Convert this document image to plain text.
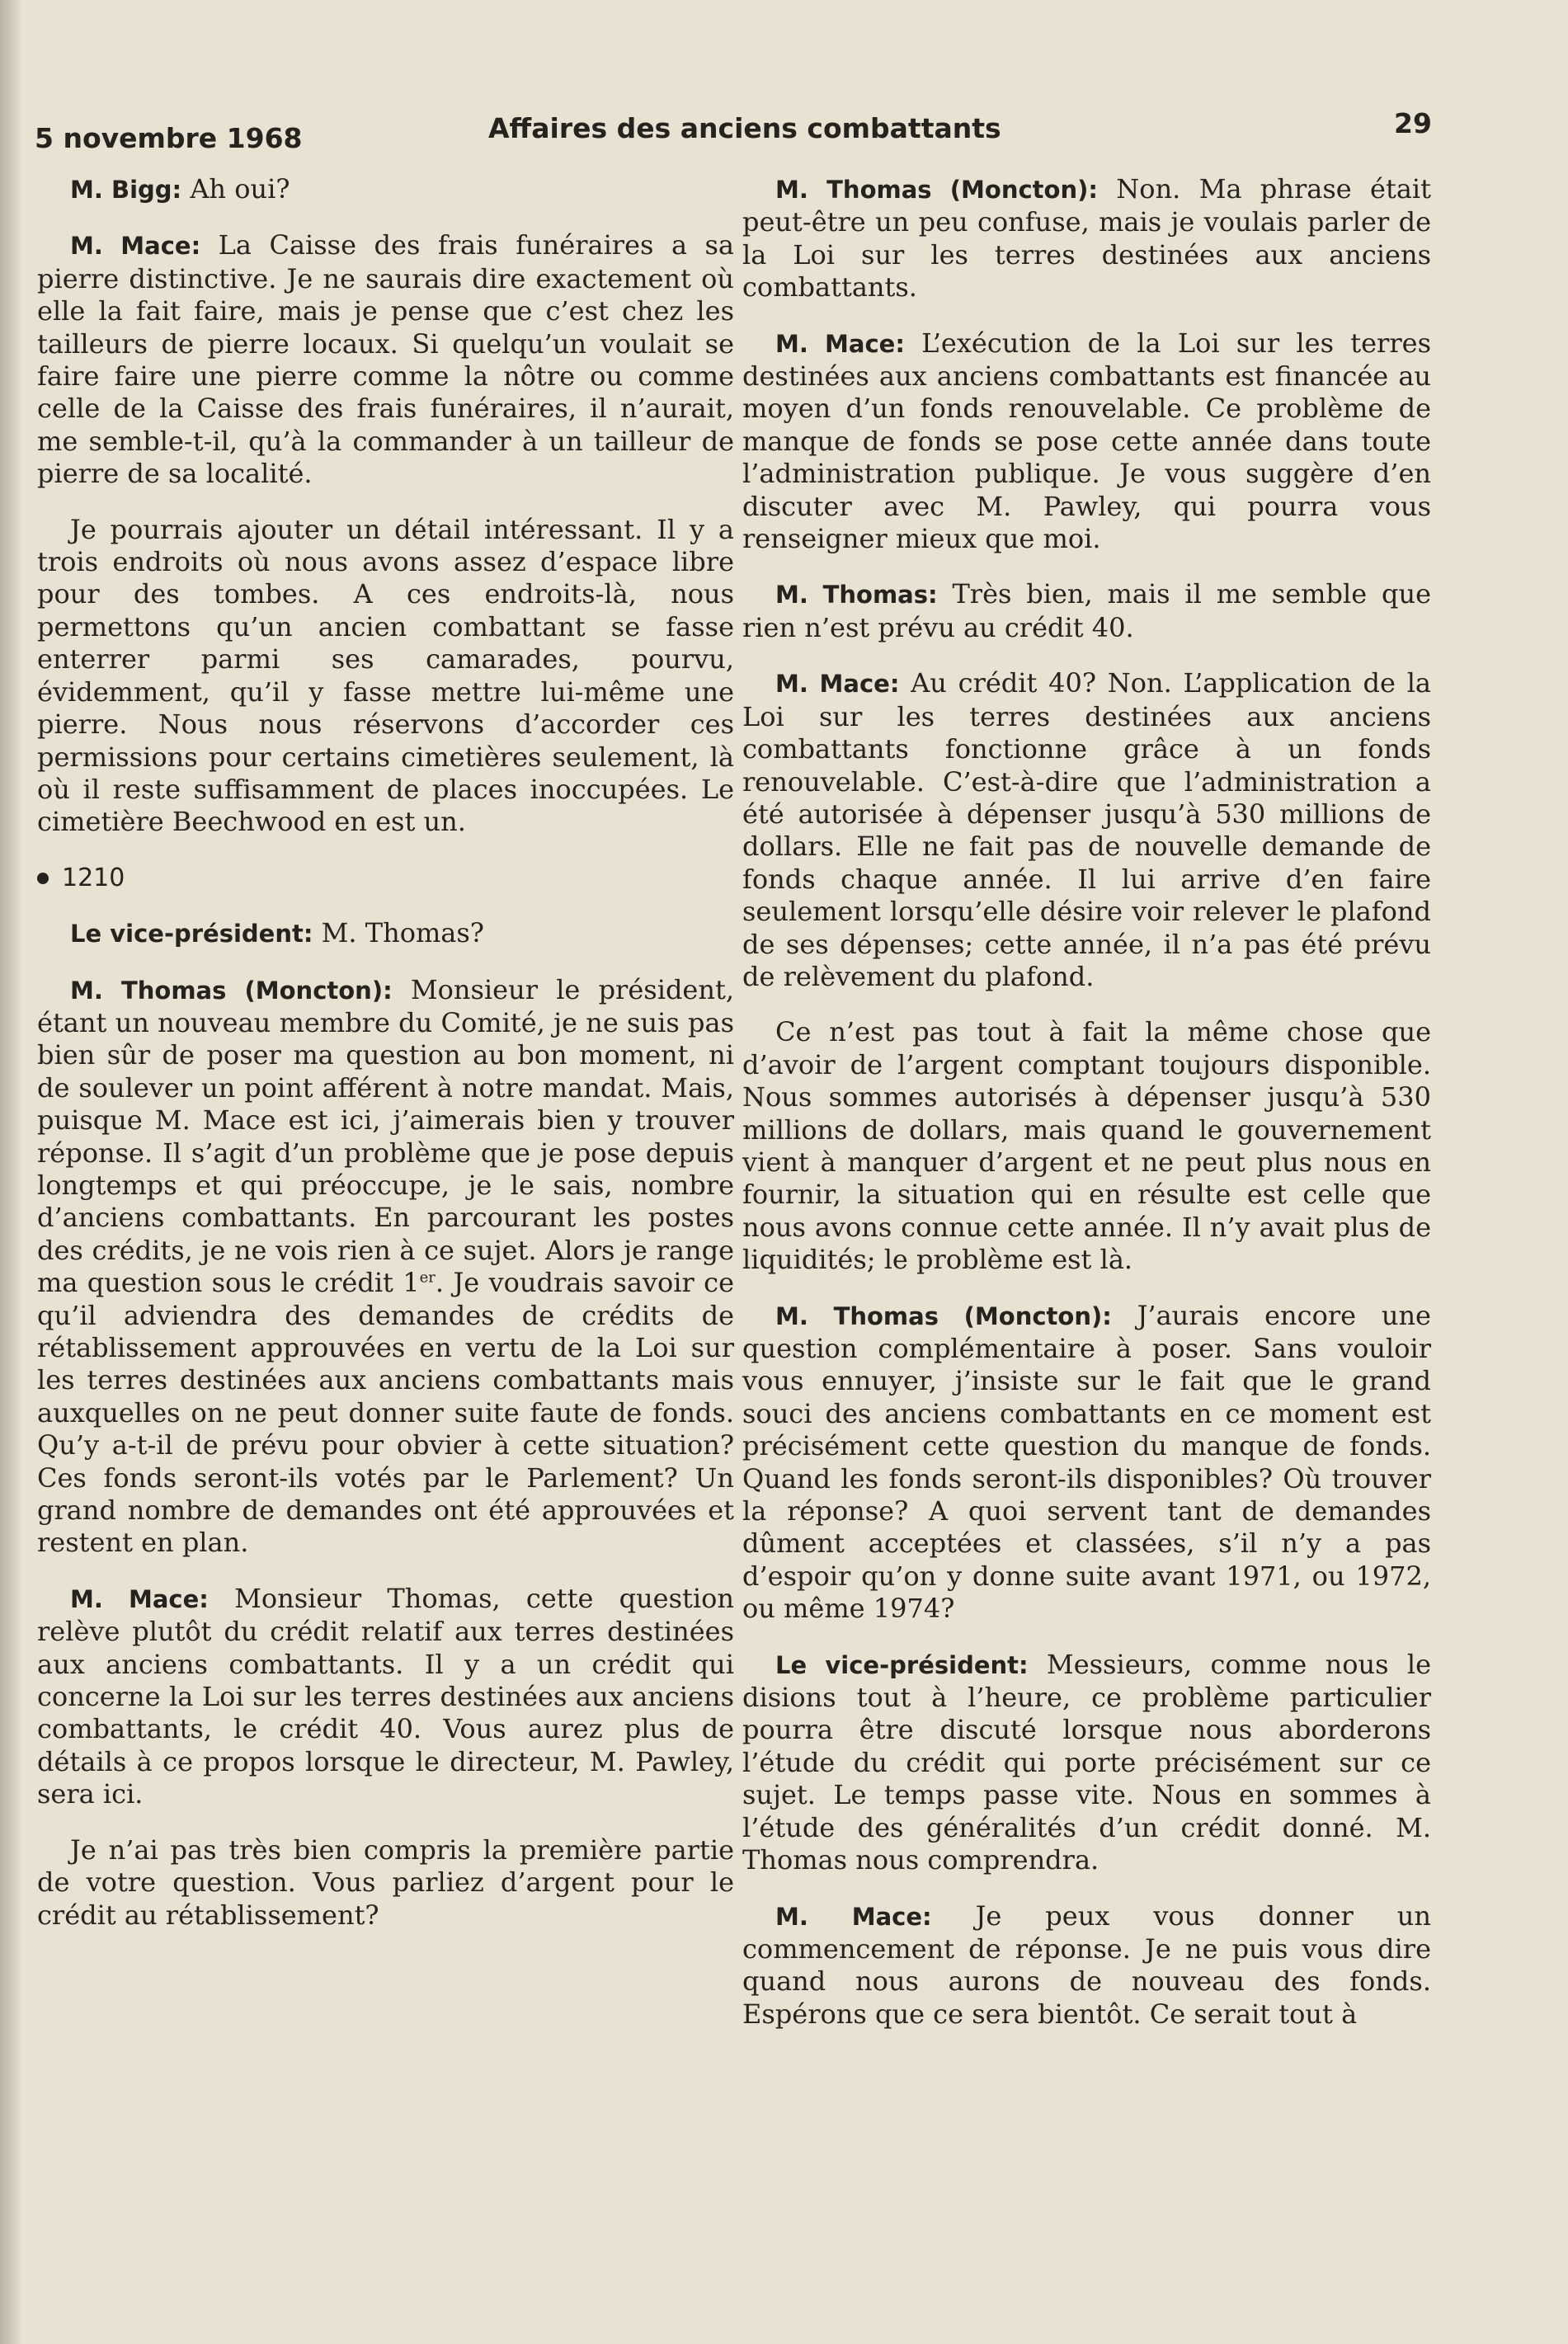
5 novembre 1968	Affaires des anciens combattants	29

M. Bigg: Ah oui?

M. Mace: La Caisse des frais funéraires a sa pierre distinctive. Je ne saurais dire exactement où elle la fait faire, mais je pense que c’est chez les tailleurs de pierre locaux. Si quelqu’un voulait se faire faire une pierre comme la nôtre ou comme celle de la Caisse des frais funéraires, il n’aurait, me semble-t-il, qu’à la commander à un tailleur de pierre de sa localité.

Je pourrais ajouter un détail intéressant. Il y a trois endroits où nous avons assez d’espace libre pour des tombes. A ces endroits-là, nous permettons qu’un ancien combattant se fasse enterrer parmi ses camarades, pourvu, évidemment, qu’il y fasse mettre lui-même une pierre. Nous nous réservons d’accorder ces permissions pour certains cimetières seulement, là où il reste suffisamment de places inoccupées. Le cimetière Beechwood en est un.

1210

Le vice-président: M. Thomas?

M. Thomas (Moncton): Monsieur le président, étant un nouveau membre du Comité, je ne suis pas bien sûr de poser ma question au bon moment, ni de soulever un point afférent à notre mandat. Mais, puisque M. Mace est ici, j’aimerais bien y trouver réponse. Il s’agit d’un problème que je pose depuis longtemps et qui préoccupe, je le sais, nombre d’anciens combattants. En parcourant les postes des crédits, je ne vois rien à ce sujet. Alors je range ma question sous le crédit 1er. Je voudrais savoir ce qu’il adviendra des demandes de crédits de rétablissement approuvées en vertu de la Loi sur les terres destinées aux anciens combattants mais auxquelles on ne peut donner suite faute de fonds. Qu’y a-t-il de prévu pour obvier à cette situation? Ces fonds seront-ils votés par le Parlement? Un grand nombre de demandes ont été approuvées et restent en plan.

M. Mace: Monsieur Thomas, cette question relève plutôt du crédit relatif aux terres destinées aux anciens combattants. Il y a un crédit qui concerne la Loi sur les terres destinées aux anciens combattants, le crédit 40. Vous aurez plus de détails à ce propos lorsque le directeur, M. Pawley, sera ici.

Je n’ai pas très bien compris la première partie de votre question. Vous parliez d’argent pour le crédit au rétablissement?

M. Thomas (Moncton): Non. Ma phrase était peut-être un peu confuse, mais je voulais parler de la Loi sur les terres destinées aux anciens combattants.

M. Mace: L’exécution de la Loi sur les terres destinées aux anciens combattants est financée au moyen d’un fonds renouvelable. Ce problème de manque de fonds se pose cette année dans toute l’administration publique. Je vous suggère d’en discuter avec M. Pawley, qui pourra vous renseigner mieux que moi.

M. Thomas: Très bien, mais il me semble que rien n’est prévu au crédit 40.

M. Mace: Au crédit 40? Non. L’application de la Loi sur les terres destinées aux anciens combattants fonctionne grâce à un fonds renouvelable. C’est-à-dire que l’administration a été autorisée à dépenser jusqu’à 530 millions de dollars. Elle ne fait pas de nouvelle demande de fonds chaque année. Il lui arrive d’en faire seulement lorsqu’elle désire voir relever le plafond de ses dépenses; cette année, il n’a pas été prévu de relèvement du plafond.

Ce n’est pas tout à fait la même chose que d’avoir de l’argent comptant toujours disponible. Nous sommes autorisés à dépenser jusqu’à 530 millions de dollars, mais quand le gouvernement vient à manquer d’argent et ne peut plus nous en fournir, la situation qui en résulte est celle que nous avons connue cette année. Il n’y avait plus de liquidités; le problème est là.

M. Thomas (Moncton): J’aurais encore une question complémentaire à poser. Sans vouloir vous ennuyer, j’insiste sur le fait que le grand souci des anciens combattants en ce moment est précisément cette question du manque de fonds. Quand les fonds seront-ils disponibles? Où trouver la réponse? A quoi servent tant de demandes dûment acceptées et classées, s’il n’y a pas d’espoir qu’on y donne suite avant 1971, ou 1972, ou même 1974?

Le vice-président: Messieurs, comme nous le disions tout à l’heure, ce problème particulier pourra être discuté lorsque nous aborderons l’étude du crédit qui porte précisément sur ce sujet. Le temps passe vite. Nous en sommes à l’étude des généralités d’un crédit donné. M. Thomas nous comprendra.

M. Mace: Je peux vous donner un commencement de réponse. Je ne puis vous dire quand nous aurons de nouveau des fonds. Espérons que ce sera bientôt. Ce serait tout à
